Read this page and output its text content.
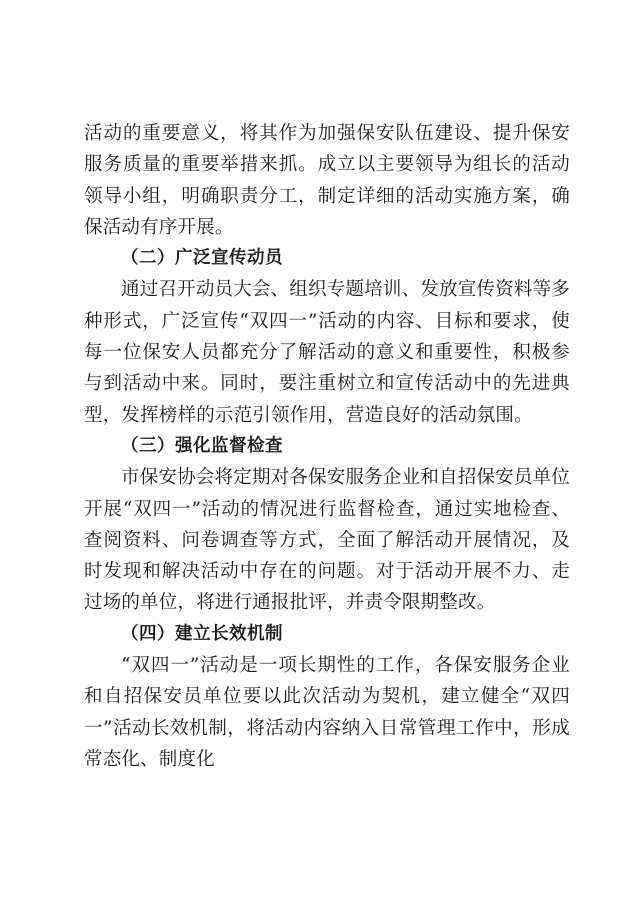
活动的重要意义，将其作为加强保安队伍建设、提升保安服务质量的重要举措来抓。成立以主要领导为组长的活动领导小组，明确职责分工，制定详细的活动实施方案，确保活动有序开展。

（二）广泛宣传动员

通过召开动员大会、组织专题培训、发放宣传资料等多种形式，广泛宣传“双四一”活动的内容、目标和要求，使每一位保安人员都充分了解活动的意义和重要性，积极参与到活动中来。同时，要注重树立和宣传活动中的先进典型，发挥榜样的示范引领作用，营造良好的活动氛围。

（三）强化监督检查

市保安协会将定期对各保安服务企业和自招保安员单位开展“双四一”活动的情况进行监督检查，通过实地检查、查阅资料、问卷调查等方式，全面了解活动开展情况，及时发现和解决活动中存在的问题。对于活动开展不力、走过场的单位，将进行通报批评，并责令限期整改。

（四）建立长效机制

“双四一”活动是一项长期性的工作，各保安服务企业和自招保安员单位要以此次活动为契机，建立健全“双四一”活动长效机制，将活动内容纳入日常管理工作中，形成常态化、制度化
